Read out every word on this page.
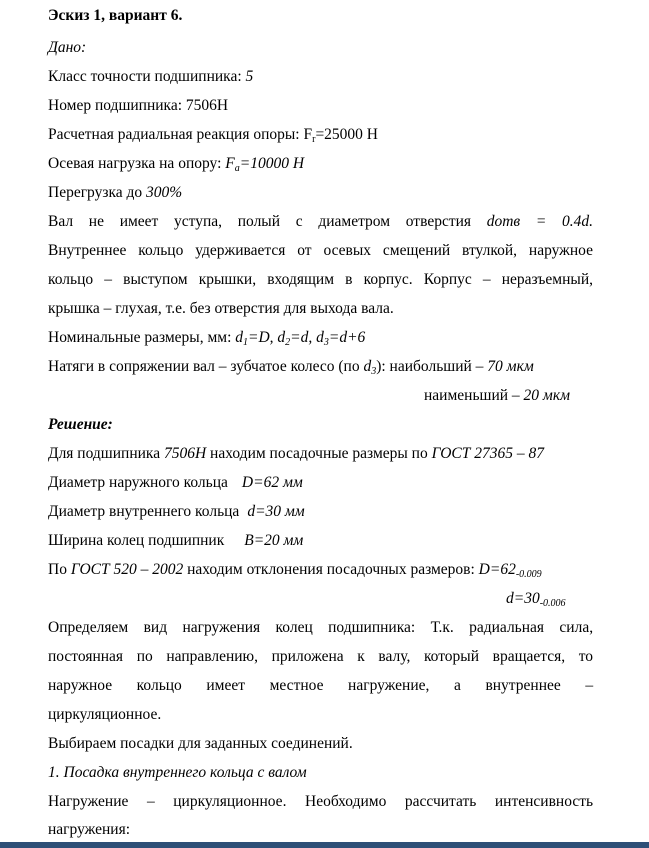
Эскиз 1, вариант 6.
Дано:
Класс точности подшипника: 5
Номер подшипника: 7506Н
Расчетная радиальная реакция опоры: $F_r=25000$ Н
Осевая нагрузка на опору: $F_a=10000$ Н
Перегрузка до 300%
Вал не имеет уступа, полый с диаметром отверстия dотв = 0.4d.
Внутреннее кольцо удерживается от осевых смещений втулкой, наружное
кольцо – выступом крышки, входящим в корпус. Корпус – неразъемный,
крышка – глухая, т.е. без отверстия для выхода вала.
Номинальные размеры, мм: $d_1=D$, $d_2=d$, $d_3=d+6$
Натяги в сопряжении вал – зубчатое колесо (по $d_3$): наибольший – 70 мкм
наименьший – 20 мкм
Решение:
Для подшипника 7506Н находим посадочные размеры по ГОСТ 27365 – 87
Диаметр наружного кольца D=62 мм
Диаметр внутреннего кольца d=30 мм
Ширина колец подшипник B=20 мм
По ГОСТ 520 – 2002 находим отклонения посадочных размеров: D=62-0.009
d=30-0.006
Определяем вид нагружения колец подшипника: Т.к. радиальная сила,
постоянная по направлению, приложена к валу, который вращается, то
наружное кольцо имеет местное нагружение, а внутреннее –
циркуляционное.
Выбираем посадки для заданных соединений.
1. Посадка внутреннего кольца с валом
Нагружение – циркуляционное. Необходимо рассчитать интенсивность
нагружения:
